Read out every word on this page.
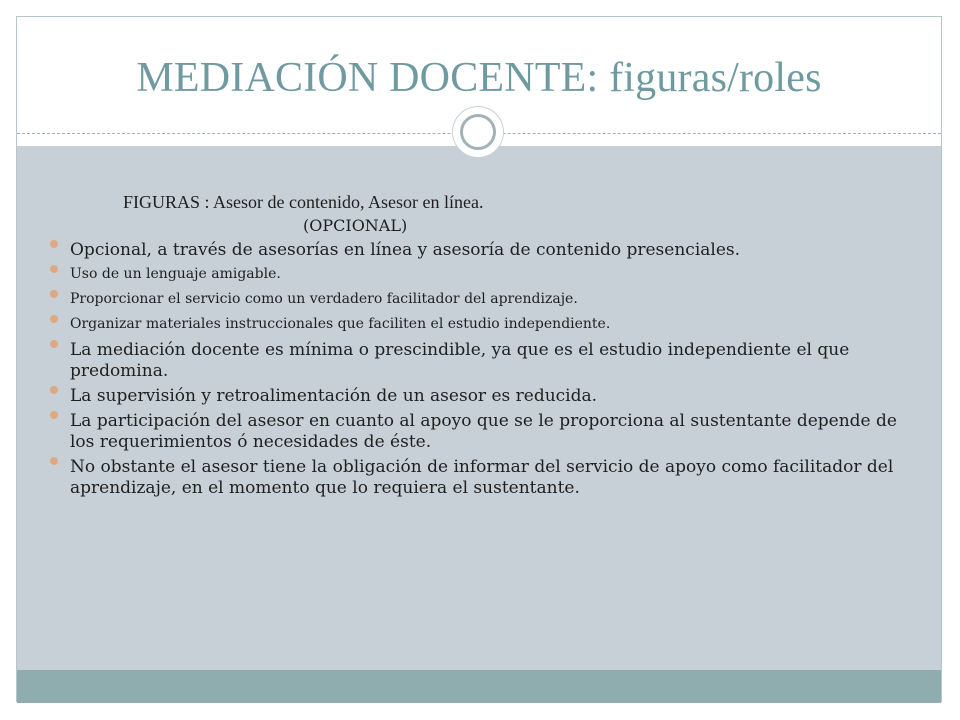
MEDIACIÓN DOCENTE: figuras/roles

FIGURAS : Asesor de contenido, Asesor en línea.

(OPCIONAL)

Opcional, a través de asesorías en línea y asesoría de contenido presenciales.
Uso de un lenguaje amigable.
Proporcionar el servicio como un verdadero facilitador del aprendizaje.
Organizar materiales instruccionales que faciliten el estudio independiente.
La mediación docente es mínima o prescindible, ya que es el estudio independiente el que predomina.
La supervisión y retroalimentación de un asesor es reducida.
La participación del asesor en cuanto al apoyo que se le proporciona al sustentante depende de los requerimientos ó necesidades de éste.
No obstante el asesor tiene la obligación de informar del servicio de apoyo como facilitador del aprendizaje, en el momento que lo requiera el sustentante.
